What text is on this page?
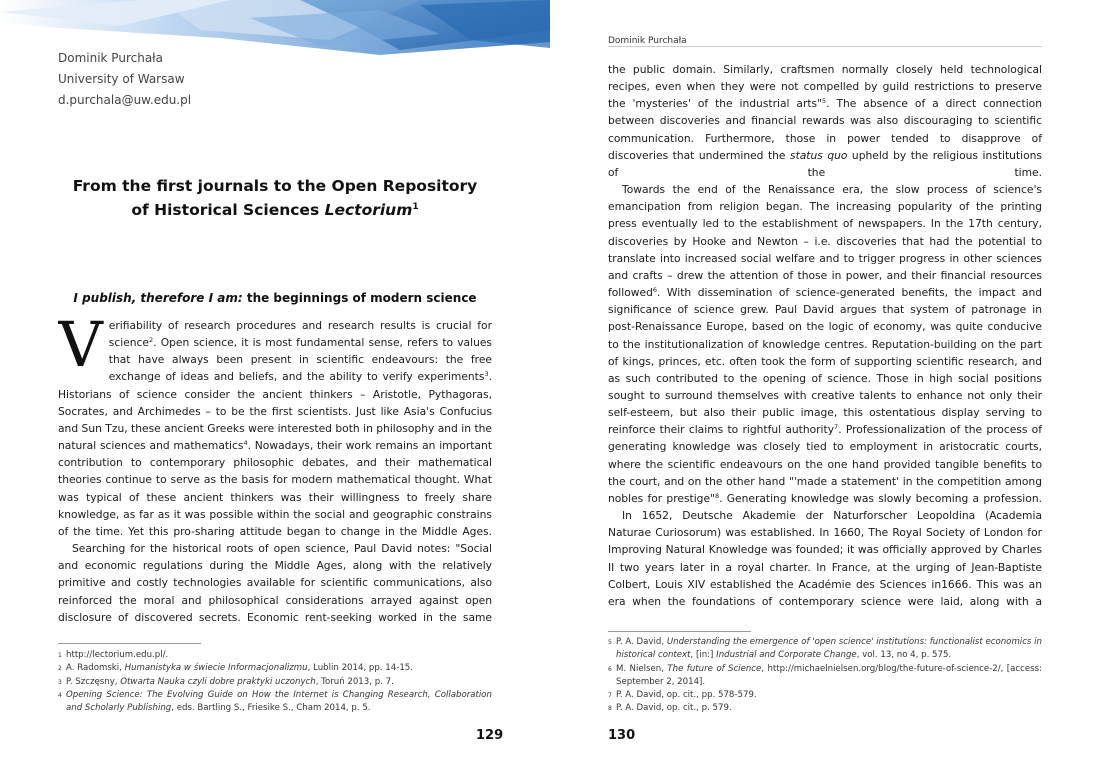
Dominik Purchała
University of Warsaw
d.purchala@uw.edu.pl
From the first journals to the Open Repository
of Historical Sciences Lectorium$^1$
I publish, therefore I am: the beginnings of modern science

Verifiability of research procedures and research results is crucial for science$^2$. Open science, it is most fundamental sense, refers to values that have always been present in scientific endeavours: the free exchange of ideas and beliefs, and the ability to verify experiments$^3$. Historians of science consider the ancient thinkers – Aristotle, Pythagoras, Socrates, and Archimedes – to be the first scientists. Just like Asia's Confucius and Sun Tzu, these ancient Greeks were interested both in philosophy and in the natural sciences and mathematics$^4$. Nowadays, their work remains an important contribution to contemporary philosophic debates, and their mathematical theories continue to serve as the basis for modern mathematical thought. What was typical of these ancient thinkers was their willingness to freely share knowledge, as far as it was possible within the social and geographic constrains of the time. Yet this pro-sharing attitude began to change in the Middle Ages.

Searching for the historical roots of open science, Paul David notes: "Social and economic regulations during the Middle Ages, along with the relatively primitive and costly technologies available for scientific communications, also reinforced the moral and philosophical considerations arrayed against open disclosure of discovered secrets. Economic rent-seeking worked in the same

1 http://lectorium.edu.pl/.
2 A. Radomski, Humanistyka w świecie Informacjonalizmu, Lublin 2014, pp. 14-15.
3 P. Szczęsny, Otwarta Nauka czyli dobre praktyki uczonych, Toruń 2013, p. 7.
4 Opening Science: The Evolving Guide on How the Internet is Changing Research, Collaboration and Scholarly Publishing, eds. Bartling S., Friesike S., Cham 2014, p. 5.
129
Dominik Purchała

the public domain. Similarly, craftsmen normally closely held technological recipes, even when they were not compelled by guild restrictions to preserve the 'mysteries' of the industrial arts"$^5$. The absence of a direct connection between discoveries and financial rewards was also discouraging to scientific communication. Furthermore, those in power tended to disapprove of discoveries that undermined the status quo upheld by the religious institutions of the time.

Towards the end of the Renaissance era, the slow process of science's emancipation from religion began. The increasing popularity of the printing press eventually led to the establishment of newspapers. In the 17th century, discoveries by Hooke and Newton – i.e. discoveries that had the potential to translate into increased social welfare and to trigger progress in other sciences and crafts – drew the attention of those in power, and their financial resources followed$^6$. With dissemination of science-generated benefits, the impact and significance of science grew. Paul David argues that system of patronage in post-Renaissance Europe, based on the logic of economy, was quite conducive to the institutionalization of knowledge centres. Reputation-building on the part of kings, princes, etc. often took the form of supporting scientific research, and as such contributed to the opening of science. Those in high social positions sought to surround themselves with creative talents to enhance not only their self-esteem, but also their public image, this ostentatious display serving to reinforce their claims to rightful authority$^7$. Professionalization of the process of generating knowledge was closely tied to employment in aristocratic courts, where the scientific endeavours on the one hand provided tangible benefits to the court, and on the other hand "'made a statement' in the competition among nobles for prestige"$^8$. Generating knowledge was slowly becoming a profession.

In 1652, Deutsche Akademie der Naturforscher Leopoldina (Academia Naturae Curiosorum) was established. In 1660, The Royal Society of London for Improving Natural Knowledge was founded; it was officially approved by Charles II two years later in a royal charter. In France, at the urging of Jean-Baptiste Colbert, Louis XIV established the Académie des Sciences in1666. This was an era when the foundations of contemporary science were laid, along with a

5 P. A. David, Understanding the emergence of 'open science' institutions: functionalist economics in historical context, [in:] Industrial and Corporate Change, vol. 13, no 4, p. 575.
6 M. Nielsen, The future of Science, http://michaelnielsen.org/blog/the-future-of-science-2/, [access: September 2, 2014].
7 P. A. David, op. cit., pp. 578-579.
8 P. A. David, op. cit., p. 579.
130
